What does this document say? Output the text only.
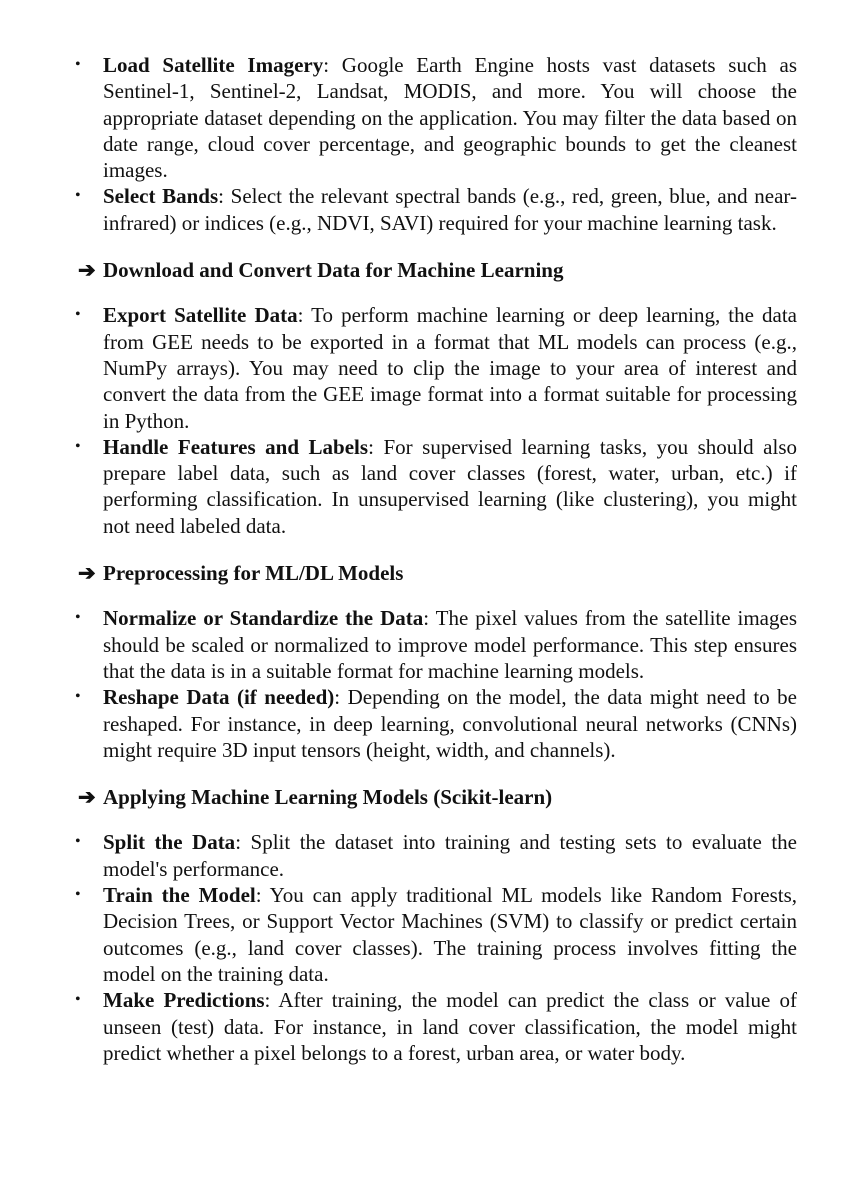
• Load Satellite Imagery: Google Earth Engine hosts vast datasets such as Sentinel-1, Sentinel-2, Landsat, MODIS, and more. You will choose the appropriate dataset depending on the application. You may filter the data based on date range, cloud cover percentage, and geographic bounds to get the cleanest images.
• Select Bands: Select the relevant spectral bands (e.g., red, green, blue, and near-infrared) or indices (e.g., NDVI, SAVI) required for your machine learning task.
➔ Download and Convert Data for Machine Learning
• Export Satellite Data: To perform machine learning or deep learning, the data from GEE needs to be exported in a format that ML models can process (e.g., NumPy arrays). You may need to clip the image to your area of interest and convert the data from the GEE image format into a format suitable for processing in Python.
• Handle Features and Labels: For supervised learning tasks, you should also prepare label data, such as land cover classes (forest, water, urban, etc.) if performing classification. In unsupervised learning (like clustering), you might not need labeled data.
➔ Preprocessing for ML/DL Models
• Normalize or Standardize the Data: The pixel values from the satellite images should be scaled or normalized to improve model performance. This step ensures that the data is in a suitable format for machine learning models.
• Reshape Data (if needed): Depending on the model, the data might need to be reshaped. For instance, in deep learning, convolutional neural networks (CNNs) might require 3D input tensors (height, width, and channels).
➔ Applying Machine Learning Models (Scikit-learn)
• Split the Data: Split the dataset into training and testing sets to evaluate the model's performance.
• Train the Model: You can apply traditional ML models like Random Forests, Decision Trees, or Support Vector Machines (SVM) to classify or predict certain outcomes (e.g., land cover classes). The training process involves fitting the model on the training data.
• Make Predictions: After training, the model can predict the class or value of unseen (test) data. For instance, in land cover classification, the model might predict whether a pixel belongs to a forest, urban area, or water body.
